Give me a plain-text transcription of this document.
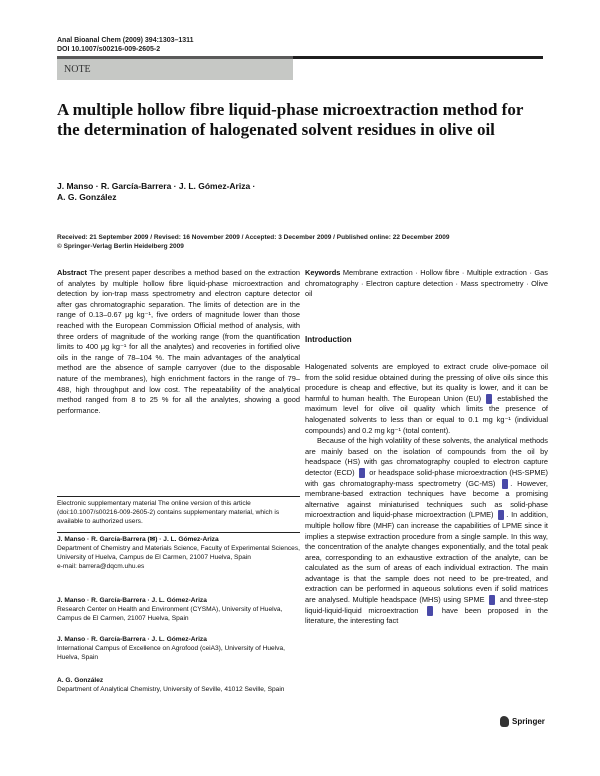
Anal Bioanal Chem (2009) 394:1303–1311
DOI 10.1007/s00216-009-2605-2
NOTE
A multiple hollow fibre liquid-phase microextraction method for the determination of halogenated solvent residues in olive oil
J. Manso · R. García-Barrera · J. L. Gómez-Ariza ·
A. G. González
Received: 21 September 2009 / Revised: 16 November 2009 / Accepted: 3 December 2009 / Published online: 22 December 2009
© Springer-Verlag Berlin Heidelberg 2009
Abstract The present paper describes a method based on the extraction of analytes by multiple hollow fibre liquid-phase microextraction and detection by ion-trap mass spectrometry and electron capture detector after gas chromatographic separation. The limits of detection are in the range of 0.13–0.67 μg kg⁻¹, five orders of magnitude lower than those reached with the European Commission Official method of analysis, with three orders of magnitude of the working range (from the quantification limits to 400 μg kg⁻¹ for all the analytes) and recoveries in fortified olive oils in the range of 78–104 %. The main advantages of the analytical method are the absence of sample carryover (due to the disposable nature of the membranes), high enrichment factors in the range of 79–488, high throughput and low cost. The repeatability of the analytical method ranged from 8 to 25 % for all the analytes, showing a good performance.
Keywords Membrane extraction · Hollow fibre · Multiple extraction · Gas chromatography · Electron capture detection · Mass spectrometry · Olive oil
Introduction

Halogenated solvents are employed to extract crude olive-pomace oil from the solid residue obtained during the pressing of olive oils since this procedure is cheap and effective, but its quality is lower, and it can be harmful to human health. The European Union (EU)  established the maximum level for olive oil quality which limits the presence of halogenated solvents to less than or equal to 0.1 mg kg⁻¹ (individual compounds) and 0.2 mg kg⁻¹ (total content).

Because of the high volatility of these solvents, the analytical methods are mainly based on the isolation of compounds from the oil by headspace (HS) with gas chromatography coupled to electron capture detector (ECD)  or headspace solid-phase microextraction (HS-SPME) with gas chromatography-mass spectrometry (GC-MS) . However, membrane-based extraction techniques have become a promising alternative against miniaturised techniques such as solid-phase microextraction and liquid-phase microextraction (LPME) . In addition, multiple hollow fibre (MHF) can increase the capabilities of LPME since it implies a stepwise extraction procedure from a single sample. In this way, the concentration of the analyte changes exponentially, and the total peak area, corresponding to an exhaustive extraction of the analyte, can be calculated as the sum of areas of each individual extraction. The main advantage is that the sample does not need to be pre-treated, and extraction can be performed in aqueous solutions even if solid matrices are analysed. Multiple headspace (MHS) using SPME  and three-step liquid-liquid-liquid microextraction  have been proposed in the literature, the interesting fact

Electronic supplementary material The online version of this article (doi:10.1007/s00216-009-2605-2) contains supplementary material, which is available to authorized users.
J. Manso · R. García-Barrera (✉) · J. L. Gómez-Ariza
Department of Chemistry and Materials Science, Faculty of Experimental Sciences, University of Huelva, Campus de El Carmen, 21007 Huelva, Spain
e-mail: barrera@dqcm.uhu.es
J. Manso · R. García-Barrera · J. L. Gómez-Ariza
Research Center on Health and Environment (CYSMA), University of Huelva, Campus de El Carmen, 21007 Huelva, Spain
J. Manso · R. García-Barrera · J. L. Gómez-Ariza
International Campus of Excellence on Agrofood (ceiA3), University of Huelva, Huelva, Spain
A. G. González
Department of Analytical Chemistry, University of Seville, 41012 Seville, Spain
Springer
